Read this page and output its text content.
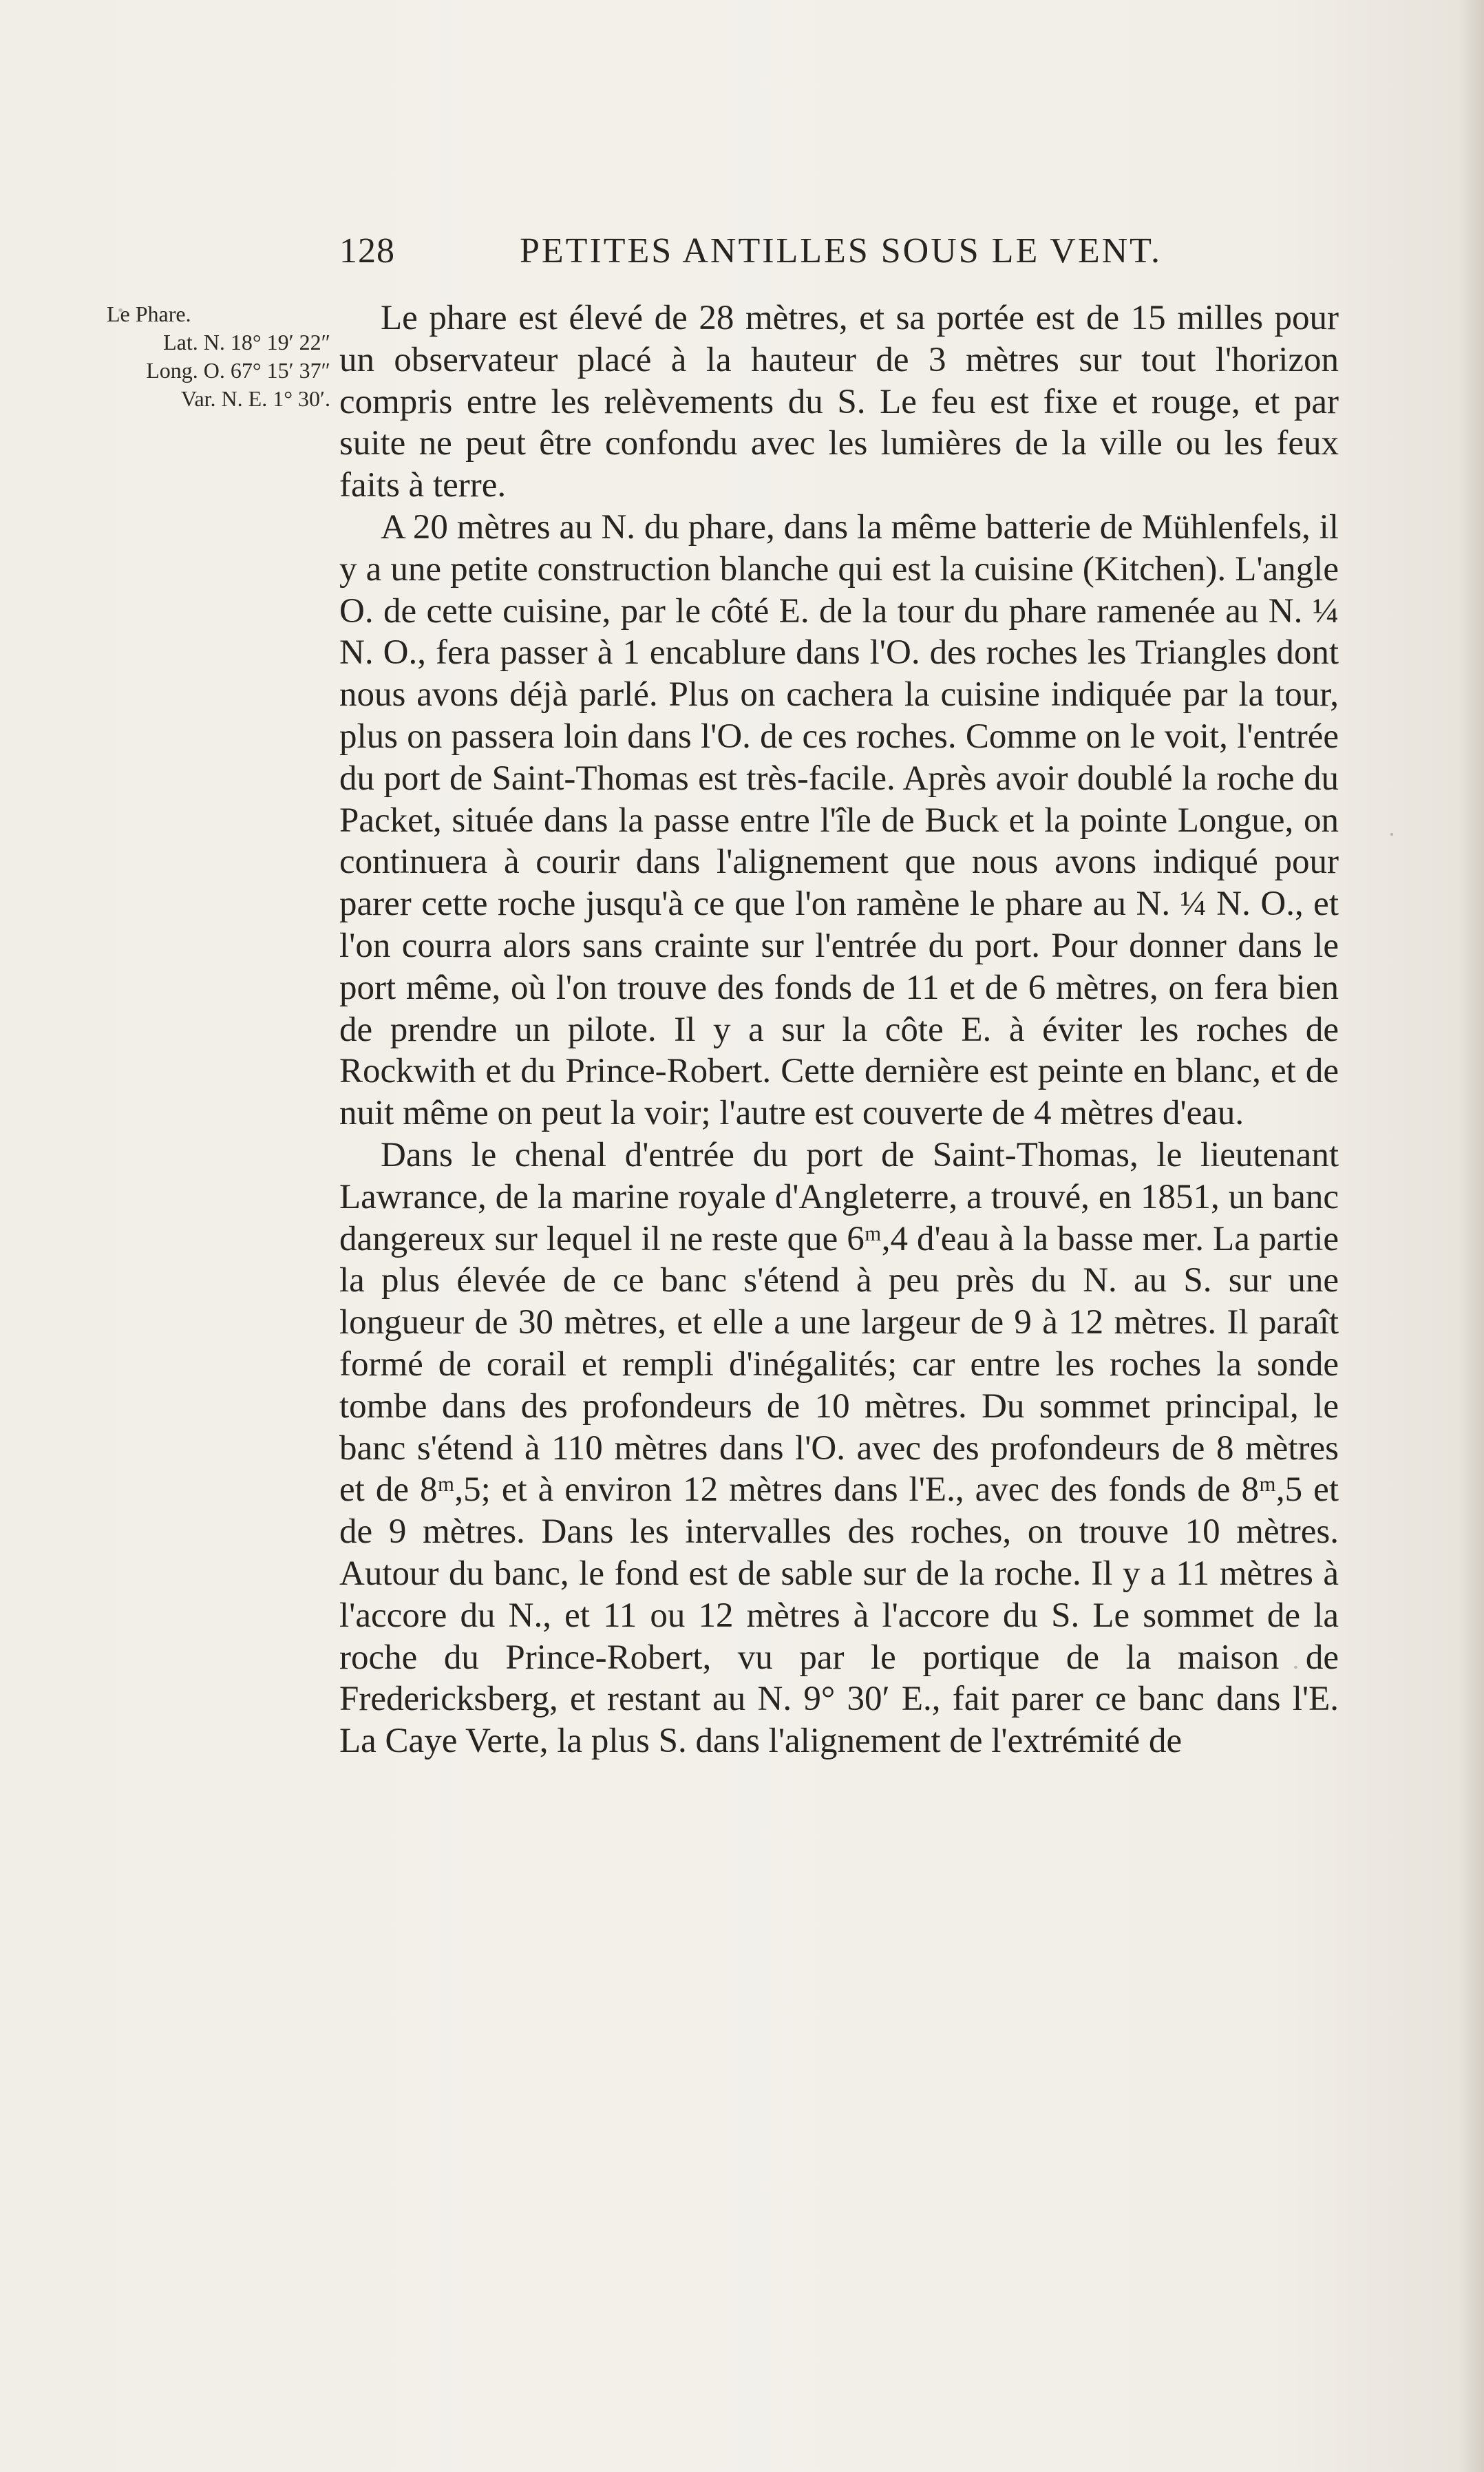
128	PETITES ANTILLES SOUS LE VENT.
Le Phare.
Lat. N. 18° 19′ 22″
Long. O. 67° 15′ 37″
Var. N. E. 1° 30′.

Le phare est élevé de 28 mètres, et sa portée est de 15 milles pour un observateur placé à la hauteur de 3 mètres sur tout l'horizon compris entre les relèvements du S. Le feu est fixe et rouge, et par suite ne peut être confondu avec les lumières de la ville ou les feux faits à terre.

A 20 mètres au N. du phare, dans la même batterie de Mühlenfels, il y a une petite construction blanche qui est la cuisine (Kitchen). L'angle O. de cette cuisine, par le côté E. de la tour du phare ramenée au N. ¼ N. O., fera passer à 1 encablure dans l'O. des roches les Triangles dont nous avons déjà parlé. Plus on cachera la cuisine indiquée par la tour, plus on passera loin dans l'O. de ces roches. Comme on le voit, l'entrée du port de Saint-Thomas est très-facile. Après avoir doublé la roche du Packet, située dans la passe entre l'île de Buck et la pointe Longue, on continuera à courir dans l'alignement que nous avons indiqué pour parer cette roche jusqu'à ce que l'on ramène le phare au N. ¼ N. O., et l'on courra alors sans crainte sur l'entrée du port. Pour donner dans le port même, où l'on trouve des fonds de 11 et de 6 mètres, on fera bien de prendre un pilote. Il y a sur la côte E. à éviter les roches de Rockwith et du Prince-Robert. Cette dernière est peinte en blanc, et de nuit même on peut la voir; l'autre est couverte de 4 mètres d'eau.

Dans le chenal d'entrée du port de Saint-Thomas, le lieutenant Lawrance, de la marine royale d'Angleterre, a trouvé, en 1851, un banc dangereux sur lequel il ne reste que 6ᵐ,4 d'eau à la basse mer. La partie la plus élevée de ce banc s'étend à peu près du N. au S. sur une longueur de 30 mètres, et elle a une largeur de 9 à 12 mètres. Il paraît formé de corail et rempli d'inégalités; car entre les roches la sonde tombe dans des profondeurs de 10 mètres. Du sommet principal, le banc s'étend à 110 mètres dans l'O. avec des profondeurs de 8 mètres et de 8ᵐ,5; et à environ 12 mètres dans l'E., avec des fonds de 8ᵐ,5 et de 9 mètres. Dans les intervalles des roches, on trouve 10 mètres. Autour du banc, le fond est de sable sur de la roche. Il y a 11 mètres à l'accore du N., et 11 ou 12 mètres à l'accore du S. Le sommet de la roche du Prince-Robert, vu par le portique de la maison de Fredericksberg, et restant au N. 9° 30′ E., fait parer ce banc dans l'E. La Caye Verte, la plus S. dans l'alignement de l'extrémité de
